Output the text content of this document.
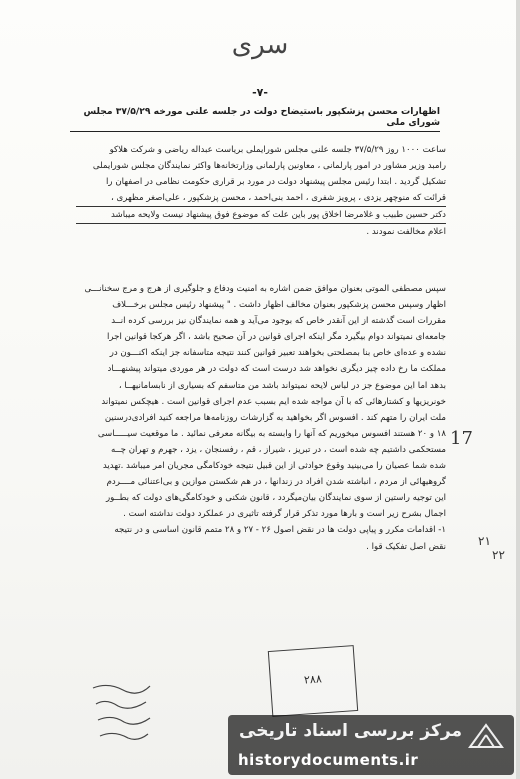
سرى
-۷-
اظهارات محسن پزشکپور باستیضاح دولت در جلسه علنی مورخه ۳۷/۵/۲۹ مجلس شورای ملی
ساعت ۱۰۰۰ روز ۳۷/۵/۲۹ جلسه علنی مجلس شورایملی بریاست عبداله ریاضی و شرکت هلاکو
رامبد وزیر مشاور در امور پارلمانی ، معاونین پارلمانی وزارتخانه‌ها واکثر نمایندگان مجلس شورایملی
تشکیل گردید . ابتدا رئیس مجلس پیشنهاد دولت در مورد بر قراری حکومت نظامی در اصفهان را
قرائت که منوچهر یزدی ، پرویز شفری ، احمد بنی‌احمد ، محسن پزشکپور ، علی‌اصغر مظهری ،
دکتر حسین طبیب و غلامرضا اخلاق پور باین علت که موضوع فوق پیشنهاد نیست ولایحه میباشد
اعلام مخالفت نمودند .
سپس مصطفی الموتی بعنوان موافق ضمن اشاره به امنیت ودفاع و جلوگیری از هرج و مرج سخنانـــی
اظهار وسپس محسن پزشکپور بعنوان مخالف اظهار داشت . " پیشنهاد رئیس مجلس برخـــلاف
مقررات است گذشته از این آنقدر خاص که بوجود می‌آید و همه نمایندگان نیز بررسی کرده انــد
جامعه‌ای نمیتواند دوام بیگیرد مگر اینکه اجرای قوانین در آن صحیح باشد ، اگر هرکجا قوانین اجرا
نشده و عده‌ای خاص بنا بمصلحتی بخواهند تعبیر قوانین کنند نتیجه متاسفانه جز اینکه اکنـــون در
مملکت ما رخ داده چیز دیگری نخواهد شد درست است که دولت در هر موردی میتواند پیشنهـــاد
بدهد اما این موضوع جز در لباس لایحه نمیتواند باشد من متاسفم که بسیاری از نابسامانیهــا ،
خونریزیها و کشتارهائی که با آن مواجه شده ایم بسبب عدم اجرای قوانین است . هیچکس نمیتواند
ملت ایران را متهم کند . افسوس اگر بخواهید به گزارشات روزنامه‌ها مراجعه کنید افرادی‌درسنین
۱۸ و ۲۰ هستند افسوس میخوریم که آنها را وابسته به بیگانه معرفی نمائید . ما موقعیت سیـــــاسی
مستحکمی داشتیم چه شده است ، در تبریز ، شیراز ، قم ، رفسنجان ، یزد ، جهرم و تهران چــه
شده شما عصیان را می‌بینید وقوع حوادثی از این قبیل نتیجه خودکامگی مجریان امر میباشد .تهدید
گروهیهائی از مردم ، انباشته شدن افراد در زندانها ، در هم شکستن موازین و بی‌اعتنائی مــــردم
این توجیه راستین از سوی نمایندگان بیان‌میگردد ، قانون شکنی و خودکامگی‌های دولت که بطــور
اجمال بشرح زیر است و بارها مورد تذکر قرار گرفته تاثیری در عملکرد دولت نداشته است .
۱- اقدامات مکرر و پیاپی دولت ها در نقض اصول ۲۶ - ۲۷ و ۲۸ متمم قانون اساسی و در نتیجه
نقض اصل تفکیک قوا .
17
۲۱
۲۲
۲۸۸
مرکز بررسی اسناد تاریخی
historydocuments.ir
